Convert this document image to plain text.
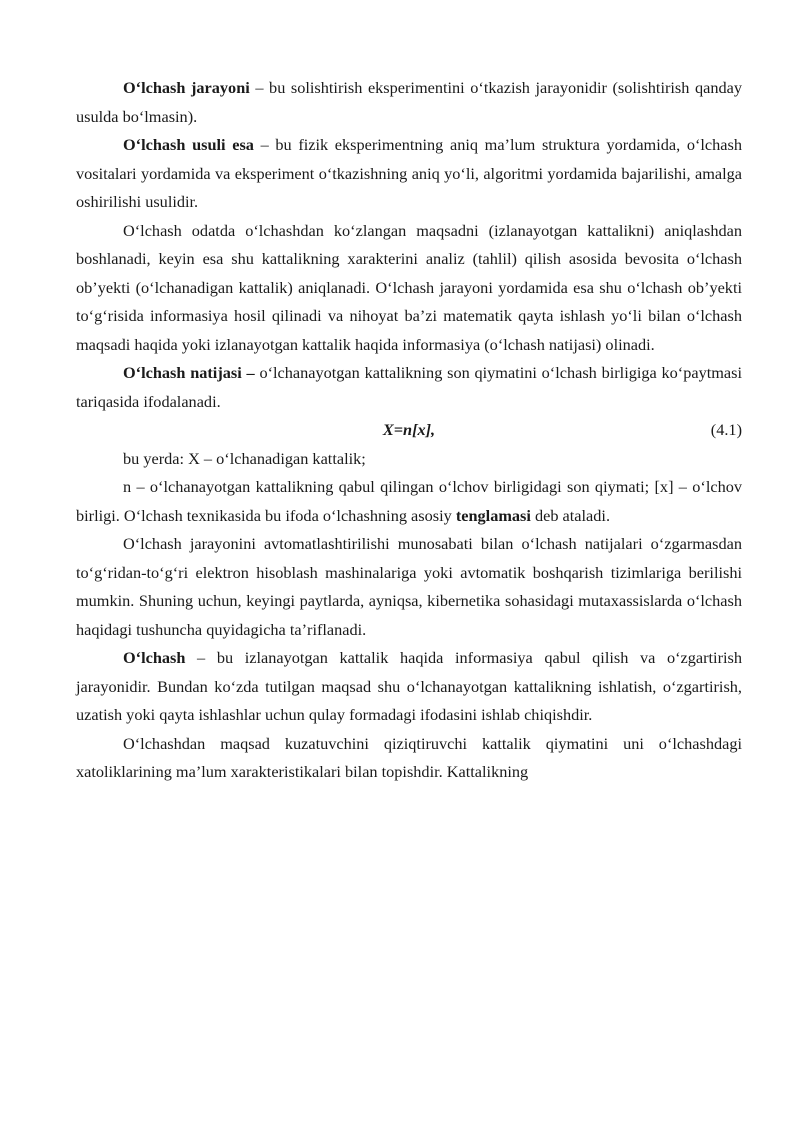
O‘lchash jarayoni – bu solishtirish eksperimentini o‘tkazish jarayonidir (solishtirish qanday usulda bo‘lmasin).

O‘lchash usuli esa – bu fizik eksperimentning aniq ma’lum struktura yordamida, o‘lchash vositalari yordamida va eksperiment o‘tkazishning aniq yo‘li, algoritmi yordamida bajarilishi, amalga oshirilishi usulidir.

O‘lchash odatda o‘lchashdan ko‘zlangan maqsadni (izlanayotgan kattalikni) aniqlashdan boshlanadi, keyin esa shu kattalikning xarakterini analiz (tahlil) qilish asosida bevosita o‘lchash ob’yekti (o‘lchanadigan kattalik) aniqlanadi. O‘lchash jarayoni yordamida esa shu o‘lchash ob’yekti to‘g‘risida informasiya hosil qilinadi va nihoyat ba’zi matematik qayta ishlash yo‘li bilan o‘lchash maqsadi haqida yoki izlanayotgan kattalik haqida informasiya (o‘lchash natijasi) olinadi.

O‘lchash natijasi – o‘lchanayotgan kattalikning son qiymatini o‘lchash birligiga ko‘paytmasi tariqasida ifodalanadi.

X=n[x],	(4.1)

bu yerda: X – o‘lchanadigan kattalik;

n – o‘lchanayotgan kattalikning qabul qilingan o‘lchov birligidagi son qiymati; [x] – o‘lchov birligi. O‘lchash texnikasida bu ifoda o‘lchashning asosiy tenglamasi deb ataladi.

O‘lchash jarayonini avtomatlashtirilishi munosabati bilan o‘lchash natijalari o‘zgarmasdan to‘g‘ridan-to‘g‘ri elektron hisoblash mashinalariga yoki avtomatik boshqarish tizimlariga berilishi mumkin. Shuning uchun, keyingi paytlarda, ayniqsa, kibernetika sohasidagi mutaxassislarda o‘lchash haqidagi tushuncha quyidagicha ta’riflanadi.

O‘lchash – bu izlanayotgan kattalik haqida informasiya qabul qilish va o‘zgartirish jarayonidir. Bundan ko‘zda tutilgan maqsad shu o‘lchanayotgan kattalikning ishlatish, o‘zgartirish, uzatish yoki qayta ishlashlar uchun qulay formadagi ifodasini ishlab chiqishdir.

O‘lchashdan maqsad kuzatuvchini qiziqtiruvchi kattalik qiymatini uni o‘lchashdagi xatoliklarining ma’lum xarakteristikalari bilan topishdir. Kattalikning
